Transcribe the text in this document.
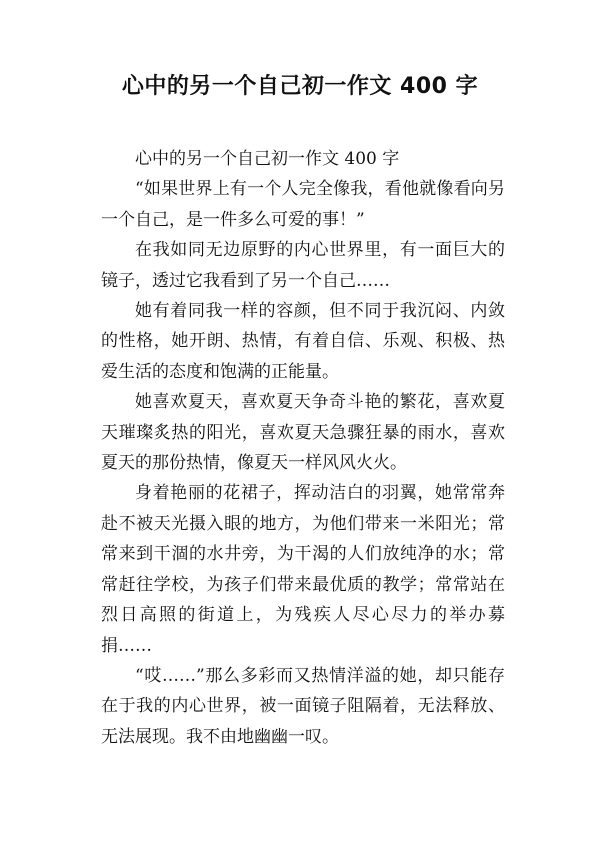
心中的另一个自己初一作文 400 字

心中的另一个自己初一作文 400 字

“如果世界上有一个人完全像我，看他就像看向另一个自己，是一件多么可爱的事！”

在我如同无边原野的内心世界里，有一面巨大的镜子，透过它我看到了另一个自己……

她有着同我一样的容颜，但不同于我沉闷、内敛的性格，她开朗、热情，有着自信、乐观、积极、热爱生活的态度和饱满的正能量。

她喜欢夏天，喜欢夏天争奇斗艳的繁花，喜欢夏天璀璨炙热的阳光，喜欢夏天急骤狂暴的雨水，喜欢夏天的那份热情，像夏天一样风风火火。

身着艳丽的花裙子，挥动洁白的羽翼，她常常奔赴不被天光摄入眼的地方，为他们带来一米阳光；常常来到干涸的水井旁，为干渴的人们放纯净的水；常常赶往学校，为孩子们带来最优质的教学；常常站在烈日高照的街道上，为残疾人尽心尽力的举办募捐……

“哎……”那么多彩而又热情洋溢的她，却只能存在于我的内心世界，被一面镜子阻隔着，无法释放、无法展现。我不由地幽幽一叹。
